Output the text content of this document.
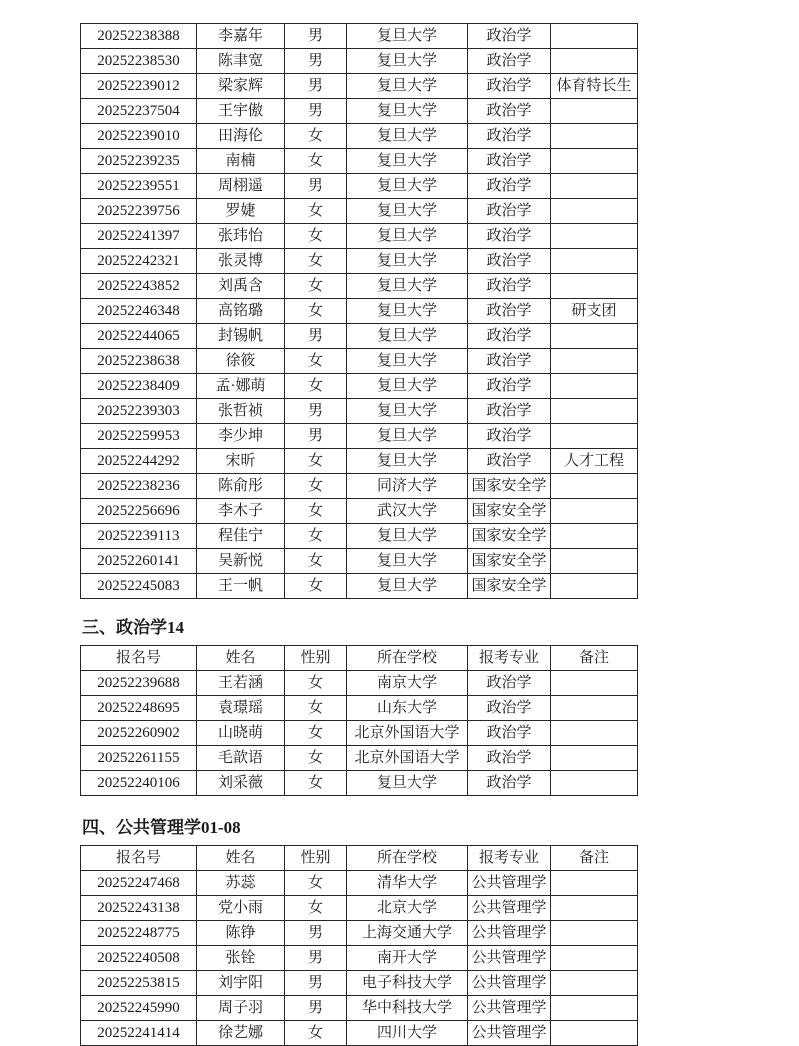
20252238388	李嘉年	男	复旦大学	政治学	
20252238530	陈聿宽	男	复旦大学	政治学	
20252239012	梁家辉	男	复旦大学	政治学	体育特长生
20252237504	王宇傲	男	复旦大学	政治学	
20252239010	田海伦	女	复旦大学	政治学	
20252239235	南楠	女	复旦大学	政治学	
20252239551	周栩遥	男	复旦大学	政治学	
20252239756	罗婕	女	复旦大学	政治学	
20252241397	张玮怡	女	复旦大学	政治学	
20252242321	张灵博	女	复旦大学	政治学	
20252243852	刘禹含	女	复旦大学	政治学	
20252246348	高铭璐	女	复旦大学	政治学	研支团
20252244065	封锡帆	男	复旦大学	政治学	
20252238638	徐筱	女	复旦大学	政治学	
20252238409	孟·娜萌	女	复旦大学	政治学	
20252239303	张哲祯	男	复旦大学	政治学	
20252259953	李少坤	男	复旦大学	政治学	
20252244292	宋昕	女	复旦大学	政治学	人才工程
20252238236	陈俞彤	女	同济大学	国家安全学	
20252256696	李木子	女	武汉大学	国家安全学	
20252239113	程佳宁	女	复旦大学	国家安全学	
20252260141	吴新悦	女	复旦大学	国家安全学	
20252245083	王一帆	女	复旦大学	国家安全学	
三、政治学14
报名号	姓名	性别	所在学校	报考专业	备注
20252239688	王若涵	女	南京大学	政治学	
20252248695	袁璟瑶	女	山东大学	政治学	
20252260902	山晓萌	女	北京外国语大学	政治学	
20252261155	毛歆语	女	北京外国语大学	政治学	
20252240106	刘采薇	女	复旦大学	政治学	
四、公共管理学01-08
报名号	姓名	性别	所在学校	报考专业	备注
20252247468	苏蕊	女	清华大学	公共管理学	
20252243138	党小雨	女	北京大学	公共管理学	
20252248775	陈铮	男	上海交通大学	公共管理学	
20252240508	张铨	男	南开大学	公共管理学	
20252253815	刘宇阳	男	电子科技大学	公共管理学	
20252245990	周子羽	男	华中科技大学	公共管理学	
20252241414	徐艺娜	女	四川大学	公共管理学	
